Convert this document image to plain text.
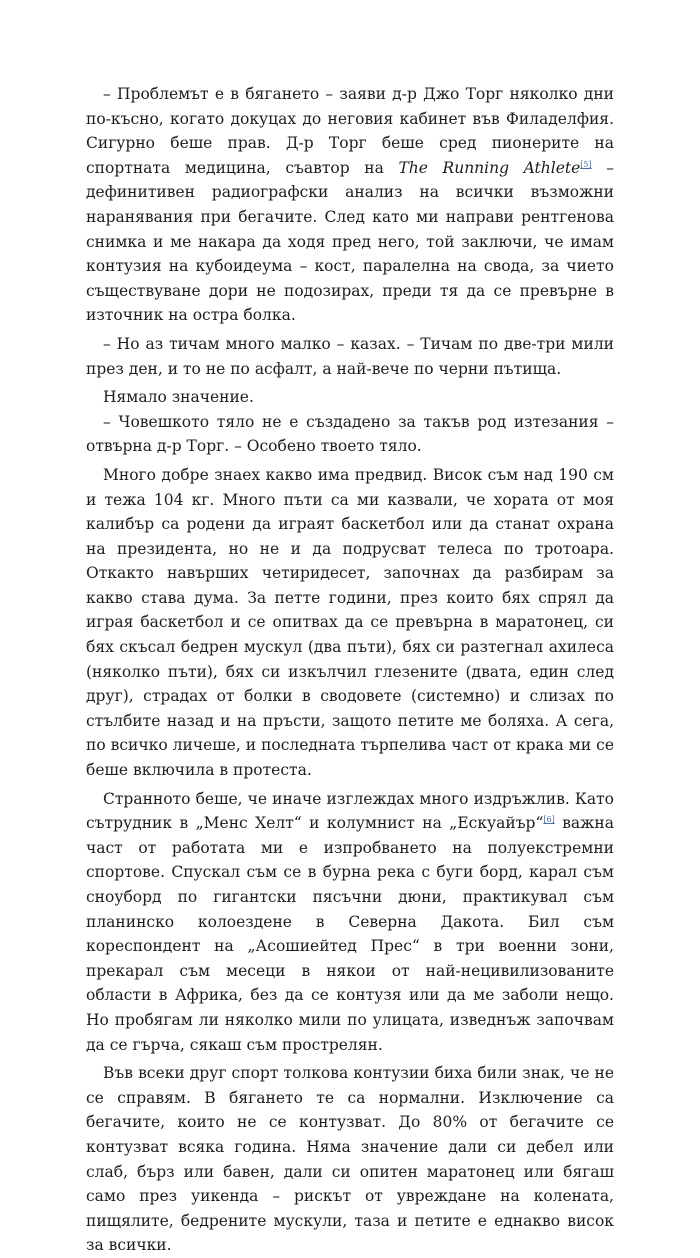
– Проблемът е в бягането – заяви д-р Джо Торг няколко дни по-късно, когато докуцах до неговия кабинет във Филаделфия. Сигурно беше прав. Д-р Торг беше сред пионерите на спортната медицина, съавтор на The Running Athlete[5] – дефинитивен радиографски анализ на всички възможни наранявания при бегачите. След като ми направи рентгенова снимка и ме накара да ходя пред него, той заключи, че имам контузия на кубоидеума – кост, паралелна на свода, за чието съществуване дори не подозирах, преди тя да се превърне в източник на остра болка.

– Но аз тичам много малко – казах. – Тичам по две-три мили през ден, и то не по асфалт, а най-вече по черни пътища.

Нямало значение.

– Човешкото тяло не е създадено за такъв род изтезания – отвърна д-р Торг. – Особено твоето тяло.

Много добре знаех какво има предвид. Висок съм над 190 см и тежа 104 кг. Много пъти са ми казвали, че хората от моя калибър са родени да играят баскетбол или да станат охрана на президента, но не и да подрусват телеса по тротоара. Откакто навърших четиридесет, започнах да разбирам за какво става дума. За петте години, през които бях спрял да играя баскетбол и се опитвах да се превърна в маратонец, си бях скъсал бедрен мускул (два пъти), бях си разтегнал ахилеса (няколко пъти), бях си изкълчил глезените (двата, един след друг), страдах от болки в сводовете (системно) и слизах по стълбите назад и на пръсти, защото петите ме боляха. А сега, по всичко личеше, и последната търпелива част от крака ми се беше включила в протеста.

Странното беше, че иначе изглеждах много издръжлив. Като сътрудник в „Менс Хелт“ и колумнист на „Ескуайър“[6] важна част от работата ми е изпробването на полуекстремни спортове. Спускал съм се в бурна река с буги борд, карал съм сноуборд по гигантски пясъчни дюни, практикувал съм планинско колоездене в Северна Дакота. Бил съм кореспондент на „Асошиейтед Прес“ в три военни зони, прекарал съм месеци в някои от най-нецивилизованите области в Африка, без да се контузя или да ме заболи нещо. Но пробягам ли няколко мили по улицата, изведнъж започвам да се гърча, сякаш съм прострелян.

Във всеки друг спорт толкова контузии биха били знак, че не се справям. В бягането те са нормални. Изключение са бегачите, които не се контузват. До 80% от бегачите се контузват всяка година. Няма значение дали си дебел или слаб, бърз или бавен, дали си опитен маратонец или бягаш само през уикенда – рискът от увреждане на колената, пищялите, бедрените мускули, таза и петите е еднакво висок за всички.
